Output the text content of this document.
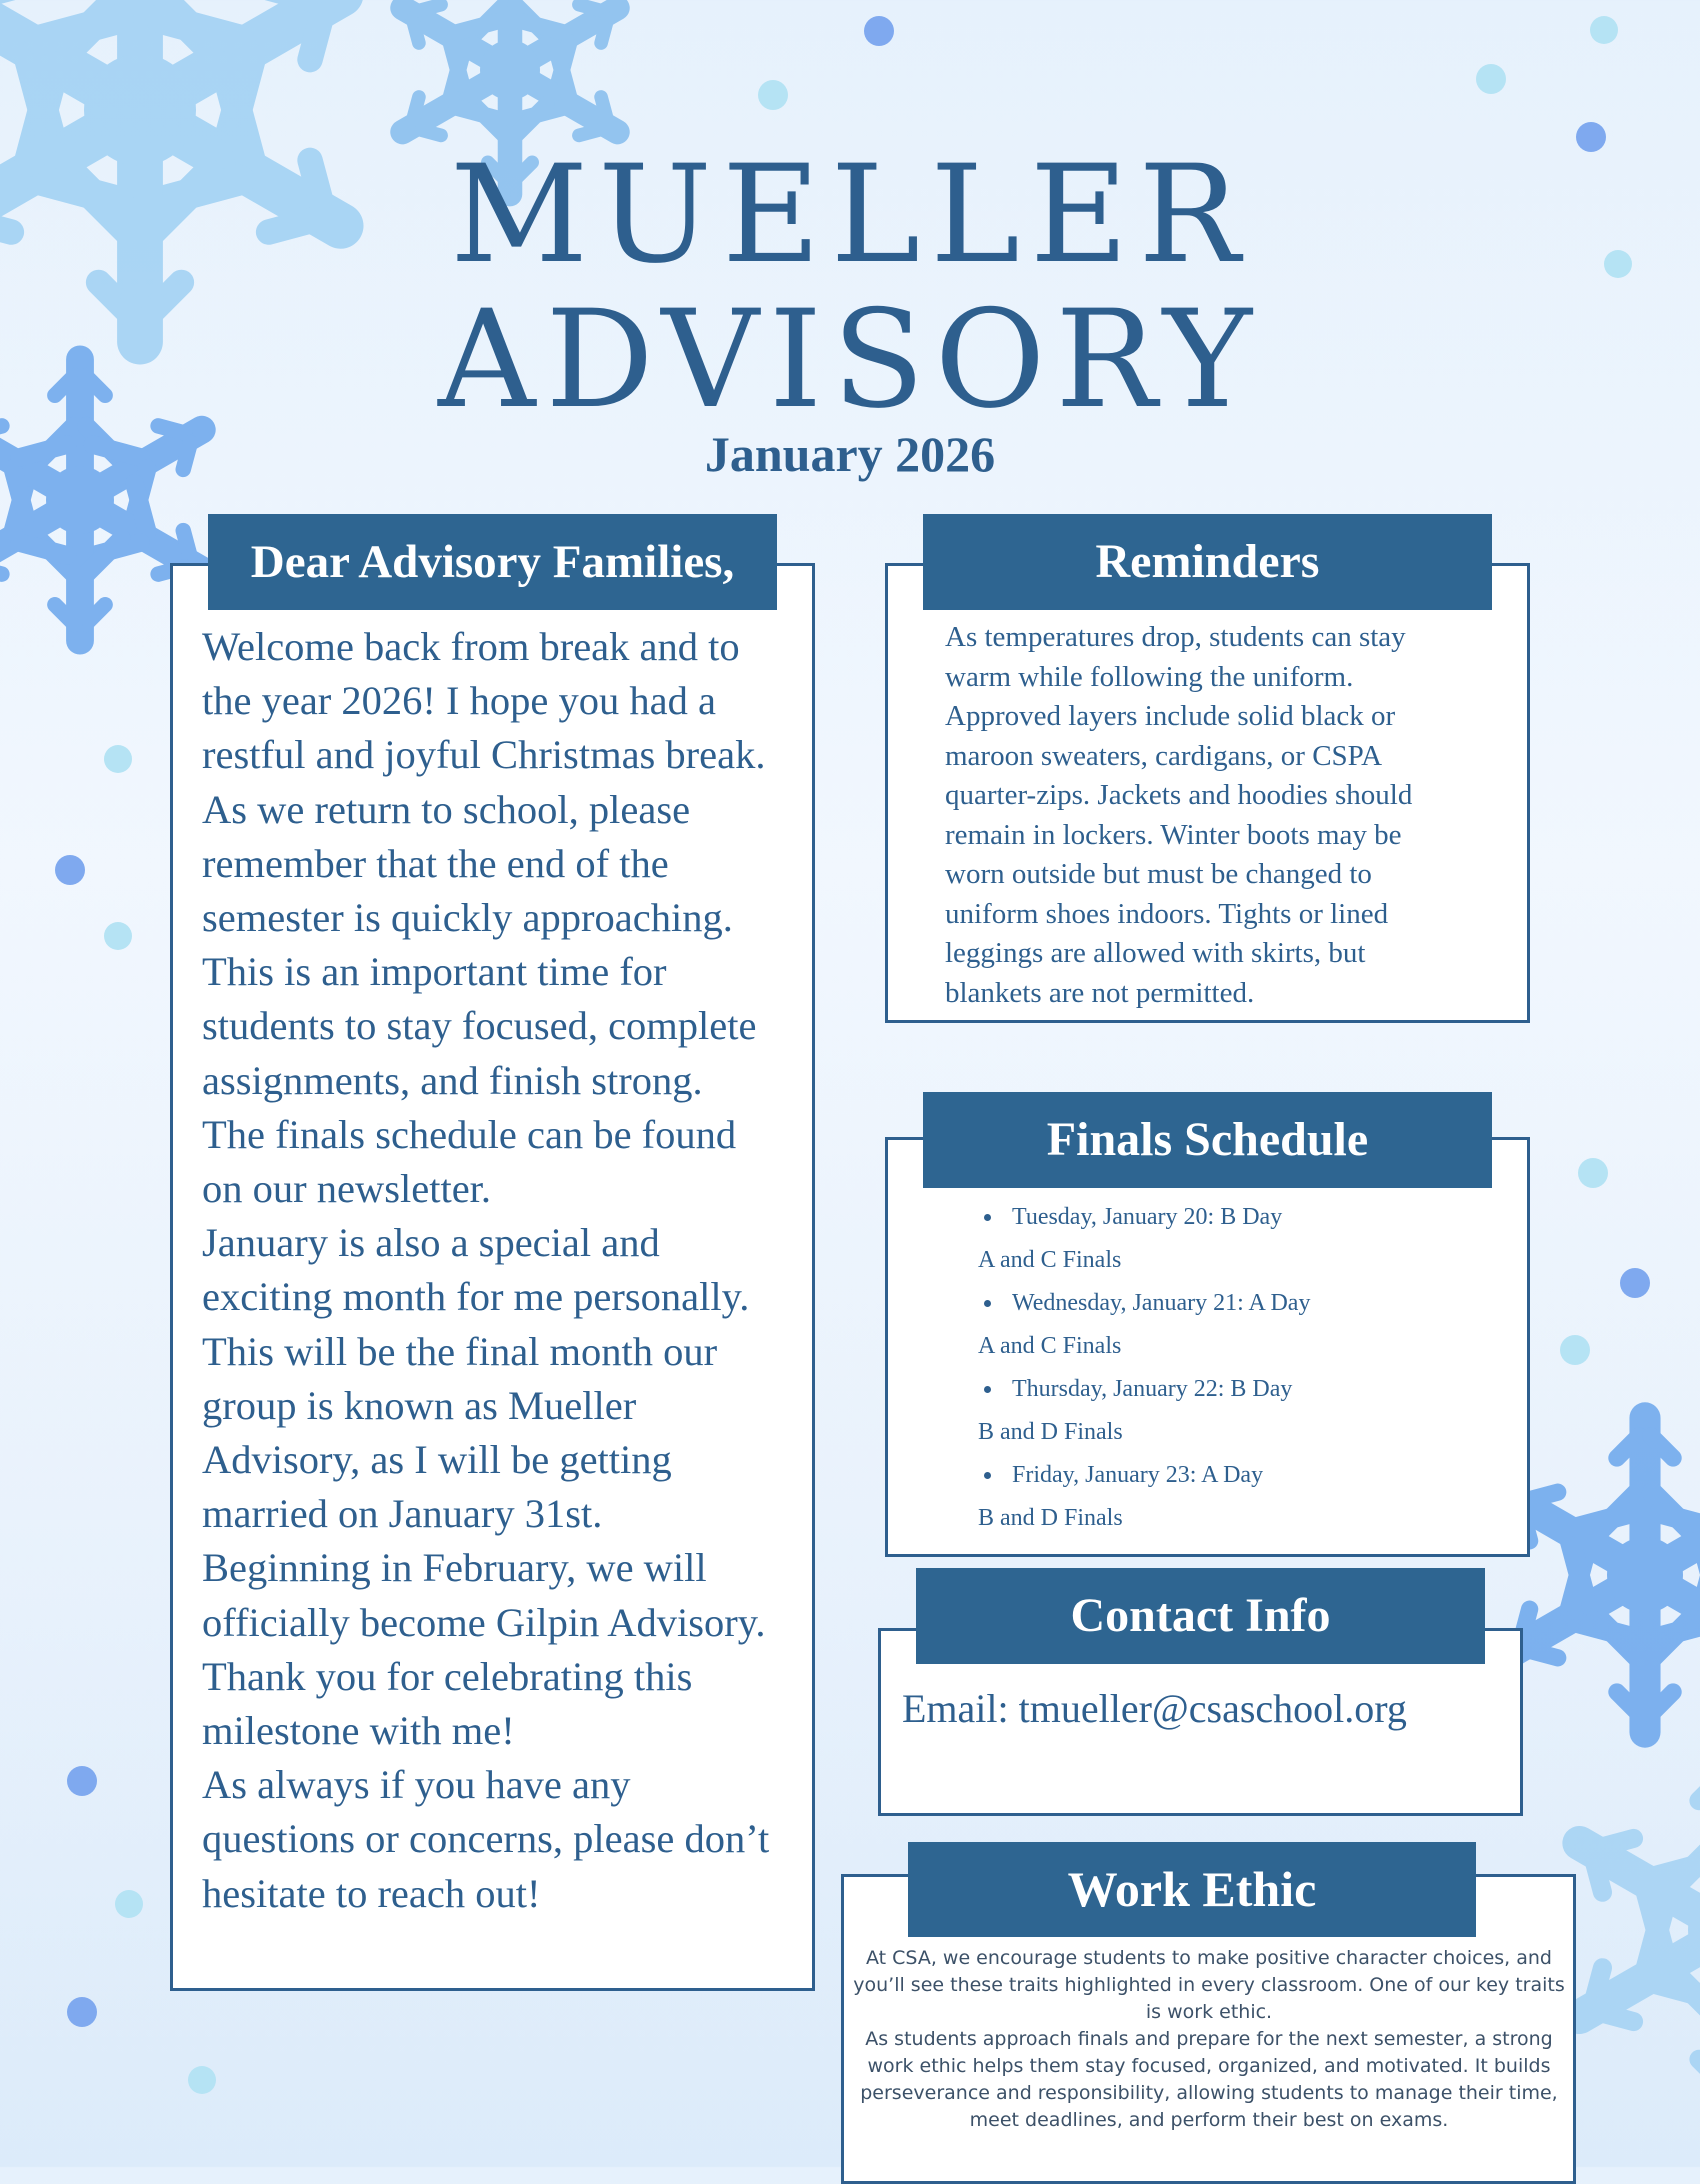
MUELLER
ADVISORY
January 2026
Dear Advisory Families,

Welcome back from break and to

the year 2026! I hope you had a

restful and joyful Christmas break.

As we return to school, please

remember that the end of the

semester is quickly approaching.

This is an important time for

students to stay focused, complete

assignments, and finish strong.

The finals schedule can be found

on our newsletter.

January is also a special and

exciting month for me personally.

This will be the final month our

group is known as Mueller

Advisory, as I will be getting

married on January 31st.

Beginning in February, we will

officially become Gilpin Advisory.

Thank you for celebrating this

milestone with me!

As always if you have any

questions or concerns, please don’t

hesitate to reach out!

Reminders
As temperatures drop, students can stay
warm while following the uniform.
Approved layers include solid black or
maroon sweaters, cardigans, or CSPA
quarter-zips. Jackets and hoodies should
remain in lockers. Winter boots may be
worn outside but must be changed to
uniform shoes indoors. Tights or lined
leggings are allowed with skirts, but
blankets are not permitted.
Finals Schedule
Tuesday, January 20: B Day
A and C Finals
Wednesday, January 21: A Day
A and C Finals
Thursday, January 22: B Day
B and D Finals
Friday, January 23: A Day
B and D Finals
Contact Info
Email: tmueller@csaschool.org
Work Ethic

At CSA, we encourage students to make positive character choices, and

you’ll see these traits highlighted in every classroom. One of our key traits

is work ethic.

As students approach finals and prepare for the next semester, a strong

work ethic helps them stay focused, organized, and motivated. It builds

perseverance and responsibility, allowing students to manage their time,

meet deadlines, and perform their best on exams.
